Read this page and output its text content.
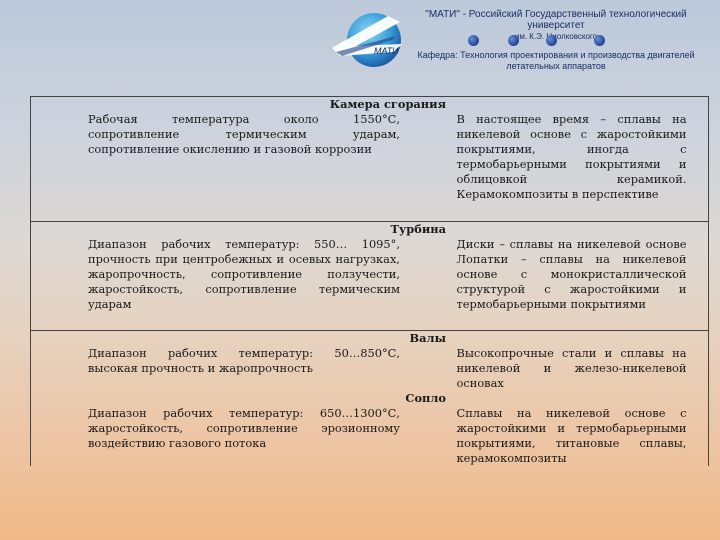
МАТИ
"МАТИ" - Российский Государственный технологический университет
им. К.Э. Циолковского
Кафедра: Технология проектирования и производства двигателей
летательных аппаратов
Камера сгорания	

Рабочая температура около 1550°С, сопротивление термическим ударам, сопротивление окислению и газовой коррозии	В настоящее время – сплавы на никелевой основе с жаростойкими покрытиями, иногда с термобарьерными покрытиями и облицовкой керамикой. Керамокомпозиты в перспективе

Турбина	

Диапазон рабочих температур: 550… 1095°, прочность при центробежных и осевых нагрузках, жаропрочность, сопротивление ползучести, жаростойкость, сопротивление термическим ударам	Диски – сплавы на никелевой основе Лопатки – сплавы на никелевой основе с монокристаллической структурой с жаростойкими и термобарьерными покрытиями

Валы	

Диапазон рабочих температур: 50…850°С, высокая прочность и жаропрочность	Высокопрочные стали и сплавы на никелевой и железо-никелевой основах

Сопло	

Диапазон рабочих температур: 650…1300°С, жаростойкость, сопротивление эрозионному воздействию газового потока	Сплавы на никелевой основе с жаростойкими и термобарьерными покрытиями, титановые сплавы, керамокомпозиты
